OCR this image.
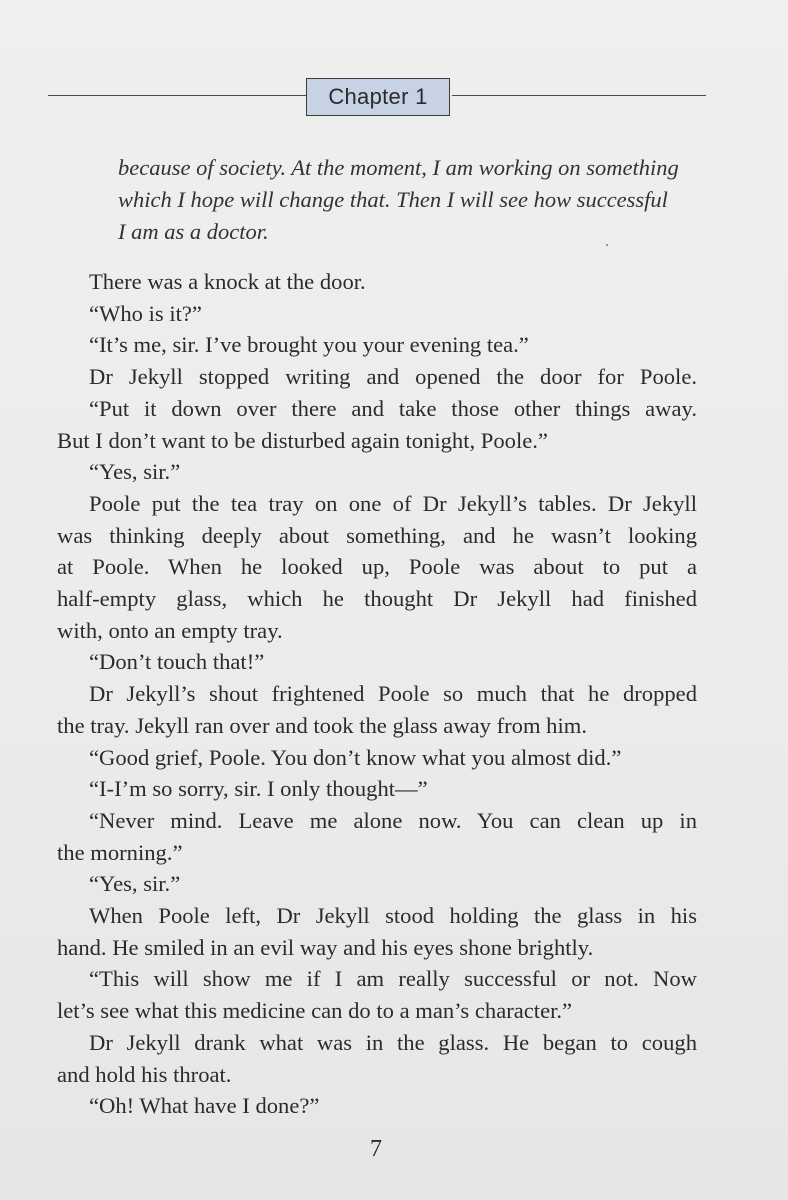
Chapter 1
because of society. At the moment, I am working on something
which I hope will change that. Then I will see how successful
I am as a doctor.
There was a knock at the door.
“Who is it?”
“It’s me, sir. I’ve brought you your evening tea.”
Dr Jekyll stopped writing and opened the door for Poole.
“Put it down over there and take those other things away.
But I don’t want to be disturbed again tonight, Poole.”
“Yes, sir.”
Poole put the tea tray on one of Dr Jekyll’s tables. Dr Jekyll
was thinking deeply about something, and he wasn’t looking
at Poole. When he looked up, Poole was about to put a
half-empty glass, which he thought Dr Jekyll had finished
with, onto an empty tray.
“Don’t touch that!”
Dr Jekyll’s shout frightened Poole so much that he dropped
the tray. Jekyll ran over and took the glass away from him.
“Good grief, Poole. You don’t know what you almost did.”
“I-I’m so sorry, sir. I only thought—”
“Never mind. Leave me alone now. You can clean up in
the morning.”
“Yes, sir.”
When Poole left, Dr Jekyll stood holding the glass in his
hand. He smiled in an evil way and his eyes shone brightly.
“This will show me if I am really successful or not. Now
let’s see what this medicine can do to a man’s character.”
Dr Jekyll drank what was in the glass. He began to cough
and hold his throat.
“Oh! What have I done?”
7
